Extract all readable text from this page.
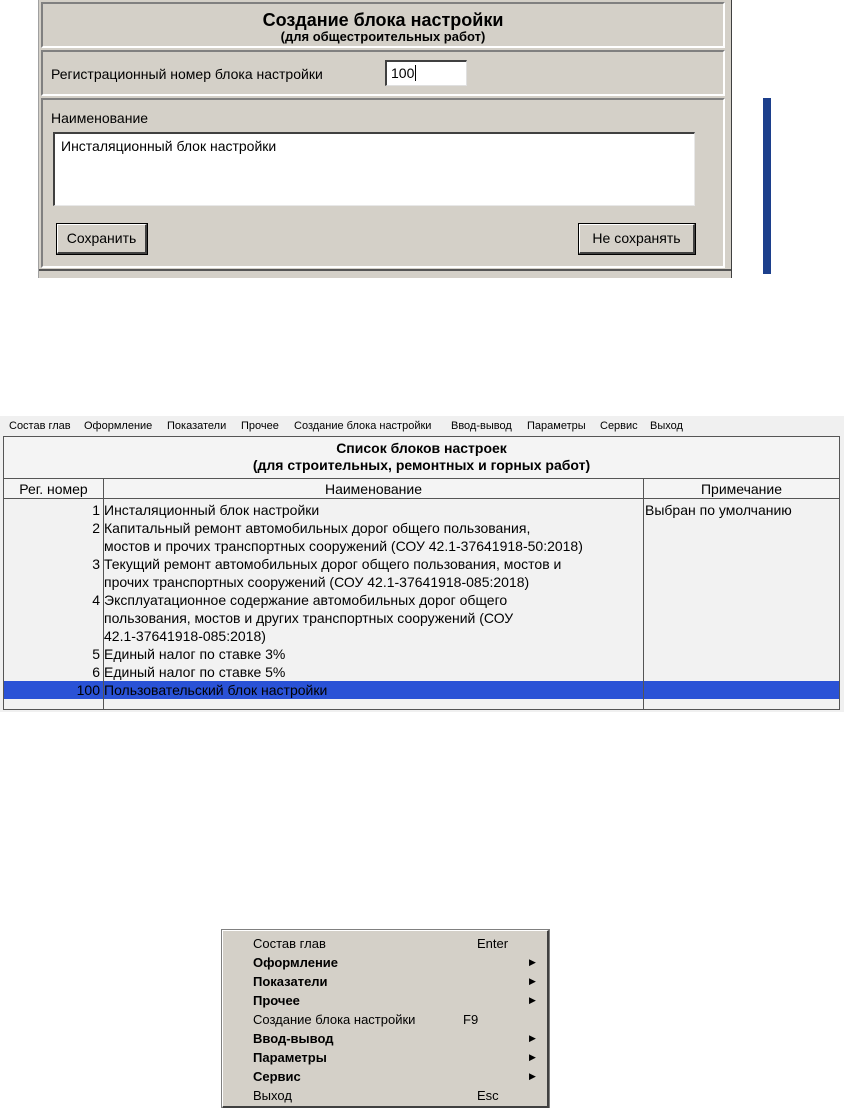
Создание блока настройки
(для общестроительных работ)
Регистрационный номер блока настройки	100
Наименование
Инсталяционный блок настройки
Сохранить	Не сохранять
Состав глав Оформление Показатели Прочее Создание блока настройки Ввод-вывод Параметры Сервис Выход
Список блоков настроек
(для строительных, ремонтных и горных работ)
Рег. номер	Наименование	Примечание
1 Инсталяционный блок настройки	Выбран по умолчанию
2 Капитальный ремонт автомобильных дорог общего пользования,
мостов и прочих транспортных сооружений (СОУ 42.1-37641918-50:2018)
3 Текущий ремонт автомобильных дорог общего пользования, мостов и
прочих транспортных сооружений (СОУ 42.1-37641918-085:2018)
4 Эксплуатационное содержание автомобильных дорог общего
пользования, мостов и других транспортных сооружений (СОУ
42.1-37641918-085:2018)
5 Единый налог по ставке 3%
6 Единый налог по ставке 5%
100 Пользовательский блок настройки
Состав глав	Enter
Оформление	▶
Показатели	▶
Прочее	▶
Создание блока настройки	F9
Ввод-вывод	▶
Параметры	▶
Сервис	▶
Выход	Esc
